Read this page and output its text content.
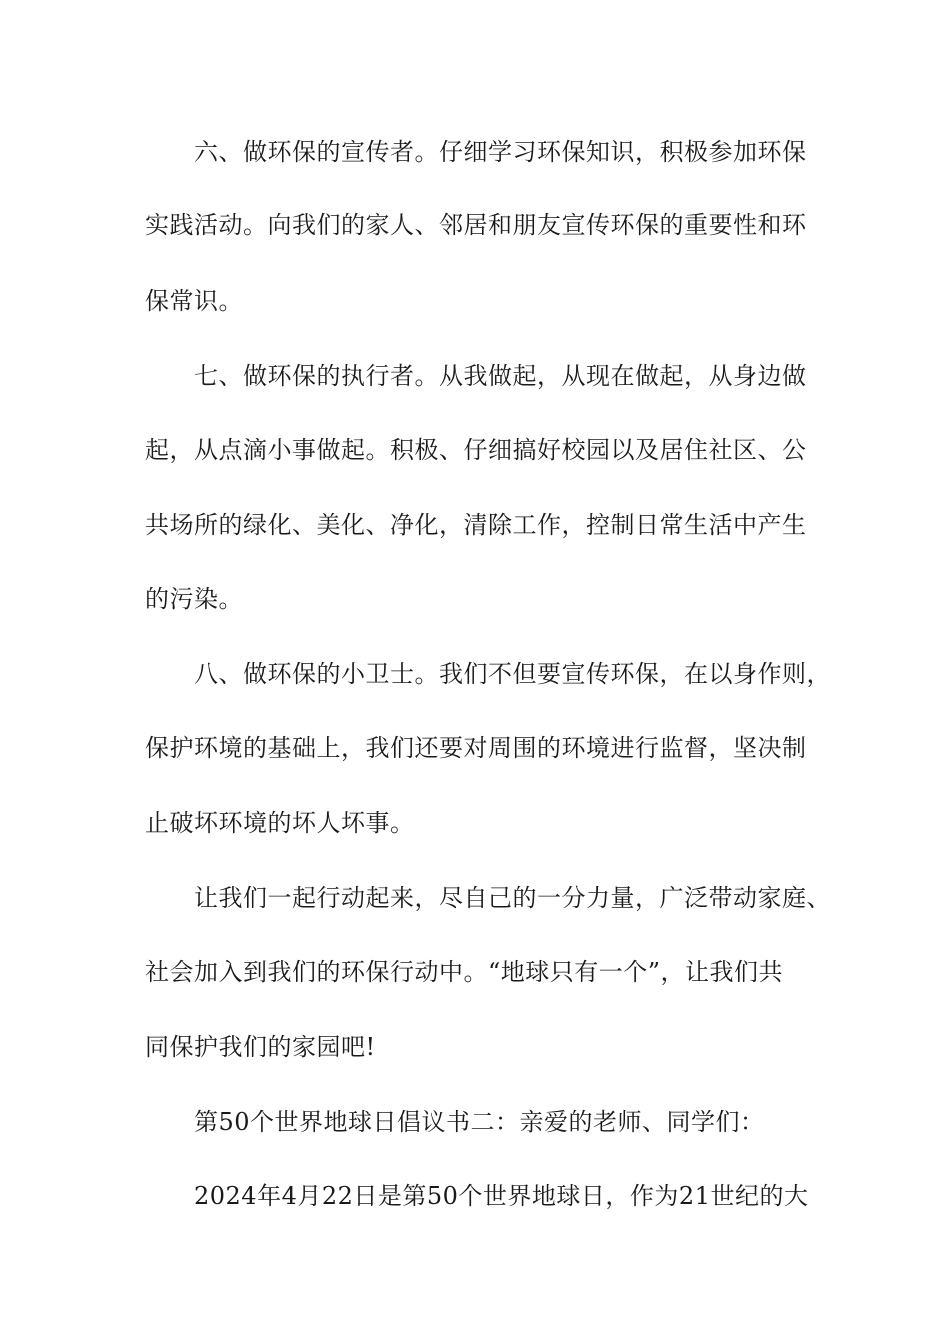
六、做环保的宣传者。仔细学习环保知识，积极参加环保
实践活动。向我们的家人、邻居和朋友宣传环保的重要性和环
保常识。
七、做环保的执行者。从我做起，从现在做起，从身边做
起，从点滴小事做起。积极、仔细搞好校园以及居住社区、公
共场所的绿化、美化、净化，清除工作，控制日常生活中产生
的污染。
八、做环保的小卫士。我们不但要宣传环保，在以身作则，
保护环境的基础上，我们还要对周围的环境进行监督，坚决制
止破坏环境的坏人坏事。
让我们一起行动起来，尽自己的一分力量，广泛带动家庭、
社会加入到我们的环保行动中。“地球只有一个”，让我们共
同保护我们的家园吧!
第50个世界地球日倡议书二：亲爱的老师、同学们：
2024年4月22日是第50个世界地球日，作为21世纪的大
